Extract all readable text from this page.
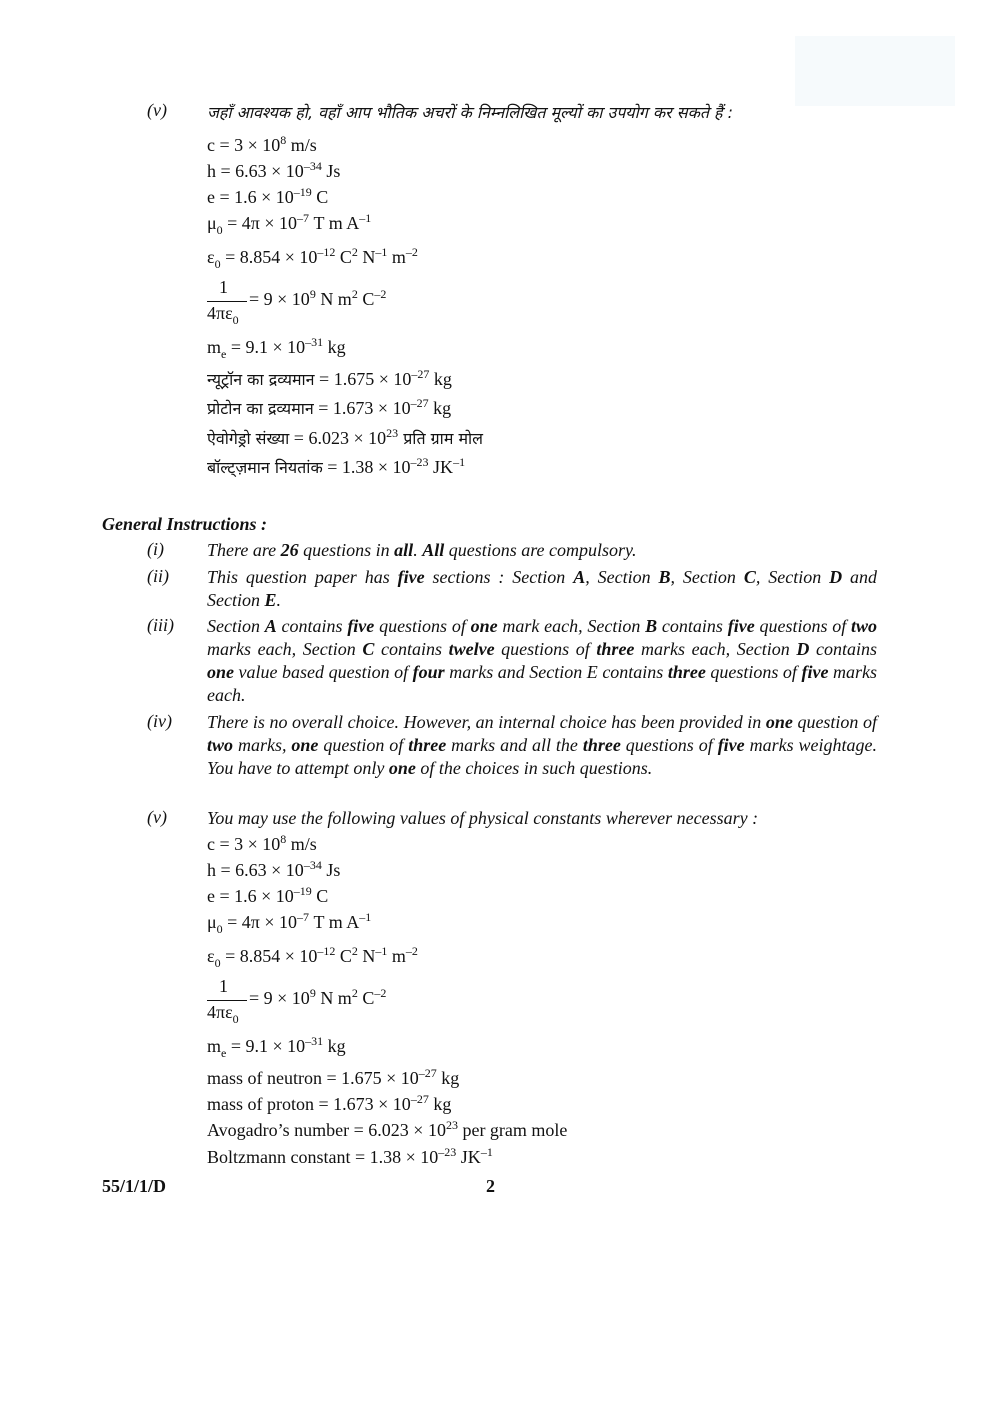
(v)	जहाँ आवश्यक हो, वहाँ आप भौतिक अचरों के निम्नलिखित मूल्यों का उपयोग कर सकते हैं :
$c = 3 \times 10^8$ m/s
$h = 6.63 \times 10^{-34}$ Js
$e = 1.6 \times 10^{-19}$ C
$\mu_0 = 4\pi \times 10^{-7}$ T m $A^{-1}$
$\varepsilon_0 = 8.854 \times 10^{-12}$ $C^2$ $N^{-1}$ $m^{-2}$
1
$4\pi\varepsilon_0$
= $9 \times 10^9$ N $m^2$ $C^{-2}$
$m_e = 9.1 \times 10^{-31}$ kg
न्यूट्रॉन का द्रव्यमान = $1.675 \times 10^{-27}$ kg
प्रोटोन का द्रव्यमान = $1.673 \times 10^{-27}$ kg
ऐवोगेड्रो संख्या = $6.023 \times 10^{23}$ प्रति ग्राम मोल
बॉल्ट्ज़मान नियतांक = $1.38 \times 10^{-23}$ $JK^{-1}$
General Instructions :
(i) There are 26 questions in all. All questions are compulsory.
(ii) This question paper has five sections : Section A, Section B, Section C, Section D and Section E.
(iii) Section A contains five questions of one mark each, Section B contains five questions of two marks each, Section C contains twelve questions of three marks each, Section D contains one value based question of four marks and Section E contains three questions of five marks each.
(iv) There is no overall choice. However, an internal choice has been provided in one question of two marks, one question of three marks and all the three questions of five marks weightage. You have to attempt only one of the choices in such questions.
(v) You may use the following values of physical constants wherever necessary :
$c = 3 \times 10^8$ m/s
$h = 6.63 \times 10^{-34}$ Js
$e = 1.6 \times 10^{-19}$ C
$\mu_0 = 4\pi \times 10^{-7}$ T m $A^{-1}$
$\varepsilon_0 = 8.854 \times 10^{-12}$ $C^2$ $N^{-1}$ $m^{-2}$
1
$4\pi\varepsilon_0$
= $9 \times 10^9$ N $m^2$ $C^{-2}$
$m_e = 9.1 \times 10^{-31}$ kg
mass of neutron = $1.675 \times 10^{-27}$ kg
mass of proton = $1.673 \times 10^{-27}$ kg
Avogadro’s number = $6.023 \times 10^{23}$ per gram mole
Boltzmann constant = $1.38 \times 10^{-23}$ $JK^{-1}$
55/1/1/D	2
